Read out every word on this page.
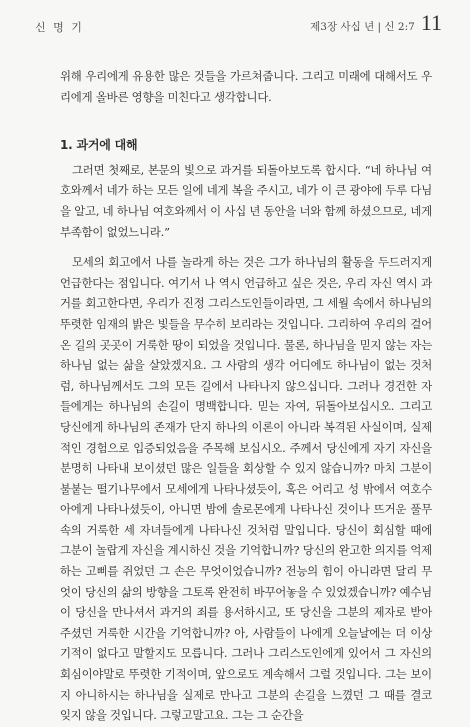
신 명 기	제3장 사십 년 | 신 2:7 11

위해 우리에게 유용한 많은 것들을 가르쳐줍니다. 그리고 미래에 대해서도 우리에게 올바른 영향을 미친다고 생각합니다.

1. 과거에 대해

그러면 첫째로, 본문의 빛으로 과거를 되돌아보도록 합시다. “네 하나님 여호와께서 네가 하는 모든 일에 네게 복을 주시고, 네가 이 큰 광야에 두루 다님을 알고, 네 하나님 여호와께서 이 사십 년 동안을 너와 함께 하셨으므로, 네게 부족함이 없었느니라.”

모세의 회고에서 나를 놀라게 하는 것은 그가 하나님의 활동을 두드러지게 언급한다는 점입니다. 여기서 나 역시 언급하고 싶은 것은, 우리 자신 역시 과거를 회고한다면, 우리가 진정 그리스도인들이라면, 그 세월 속에서 하나님의 뚜렷한 임재의 밝은 빛들을 무수히 보리라는 것입니다. 그리하여 우리의 걸어온 길의 곳곳이 거룩한 땅이 되었을 것입니다. 물론, 하나님을 믿지 않는 자는 하나님 없는 삶을 살았겠지요. 그 사람의 생각 어디에도 하나님이 없는 것처럼, 하나님께서도 그의 모든 길에서 나타나지 않으십니다. 그러나 경건한 자들에게는 하나님의 손길이 명백합니다. 믿는 자여, 뒤돌아보십시오. 그리고 당신에게 하나님의 존재가 단지 하나의 이론이 아니라 복격된 사실이며, 실제적인 경험으로 입증되었음을 주목해 보십시오. 주께서 당신에게 자기 자신을 분명히 나타내 보이셨던 많은 일들을 회상할 수 있지 않습니까? 마치 그분이 불붙는 떨기나무에서 모세에게 나타나셨듯이, 혹은 어리고 성 밖에서 여호수아에게 나타나셨듯이, 아니면 밤에 솔로몬에게 나타나신 것이나 뜨거운 풀무 속의 거룩한 세 자녀들에게 나타나신 것처럼 말입니다. 당신이 회심할 때에 그분이 놀랍게 자신을 계시하신 것을 기억합니까? 당신의 완고한 의지를 억제하는 고삐를 쥐었던 그 손은 무엇이었습니까? 전능의 힘이 아니라면 달리 무엇이 당신의 삶의 방향을 그토록 완전히 바꾸어놓을 수 있었겠습니까? 예수님이 당신을 만나셔서 과거의 죄를 용서하시고, 또 당신을 그분의 제자로 받아주셨던 거룩한 시간을 기억합니까? 아, 사람들이 나에게 오늘날에는 더 이상 기적이 없다고 말할지도 모릅니다. 그러나 그리스도인에게 있어서 그 자신의 회심이야말로 뚜렷한 기적이며, 앞으로도 계속해서 그럴 것입니다. 그는 보이지 아니하시는 하나님을 실제로 만나고 그분의 손길을 느꼈던 그 때를 결코 잊지 않을 것입니다. 그렇고말고요. 그는 그 순간을
